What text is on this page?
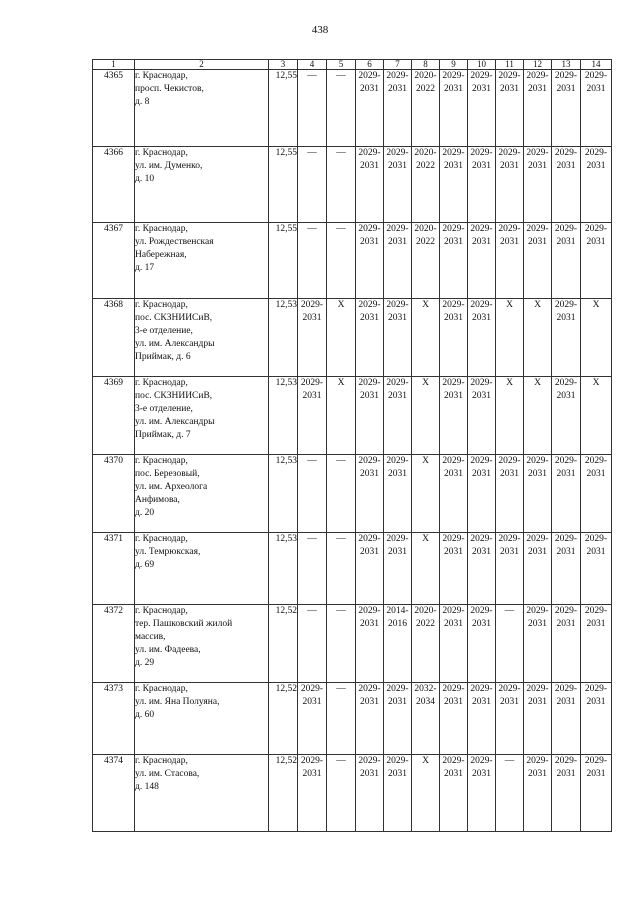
438
1	2	3	4	5	6	7	8	9	10	11	12	13	14
4365	г. Краснодар,
просп. Чекистов,
д. 8	12,55	—	—	2029-
2031	2029-
2031	2020-
2022	2029-
2031	2029-
2031	2029-
2031	2029-
2031	2029-
2031	2029-
2031

4366	г. Краснодар,
ул. им. Думенко,
д. 10	12,55	—	—	2029-
2031	2029-
2031	2020-
2022	2029-
2031	2029-
2031	2029-
2031	2029-
2031	2029-
2031	2029-
2031

4367	г. Краснодар,
ул. Рождественская
Набережная,
д. 17	12,55	—	—	2029-
2031	2029-
2031	2020-
2022	2029-
2031	2029-
2031	2029-
2031	2029-
2031	2029-
2031	2029-
2031

4368	г. Краснодар,
пос. СКЗНИИСиВ,
3-е отделение,
ул. им. Александры
Приймак, д. 6	12,53	2029-
2031	Х	2029-
2031	2029-
2031	Х	2029-
2031	2029-
2031	Х	Х	2029-
2031	Х

4369	г. Краснодар,
пос. СКЗНИИСиВ,
3-е отделение,
ул. им. Александры
Приймак, д. 7	12,53	2029-
2031	Х	2029-
2031	2029-
2031	Х	2029-
2031	2029-
2031	Х	Х	2029-
2031	Х

4370	г. Краснодар,
пос. Березовый,
ул. им. Археолога
Анфимова,
д. 20	12,53	—	—	2029-
2031	2029-
2031	Х	2029-
2031	2029-
2031	2029-
2031	2029-
2031	2029-
2031	2029-
2031

4371	г. Краснодар,
ул. Темрюкская,
д. 69	12,53	—	—	2029-
2031	2029-
2031	Х	2029-
2031	2029-
2031	2029-
2031	2029-
2031	2029-
2031	2029-
2031

4372	г. Краснодар,
тер. Пашковский жилой
массив,
ул. им. Фадеева,
д. 29	12,52	—	—	2029-
2031	2014-
2016	2020-
2022	2029-
2031	2029-
2031	—	2029-
2031	2029-
2031	2029-
2031

4373	г. Краснодар,
ул. им. Яна Полуяна,
д. 60	12,52	2029-
2031	—	2029-
2031	2029-
2031	2032-
2034	2029-
2031	2029-
2031	2029-
2031	2029-
2031	2029-
2031	2029-
2031

4374	г. Краснодар,
ул. им. Стасова,
д. 148	12,52	2029-
2031	—	2029-
2031	2029-
2031	Х	2029-
2031	2029-
2031	—	2029-
2031	2029-
2031	2029-
2031
